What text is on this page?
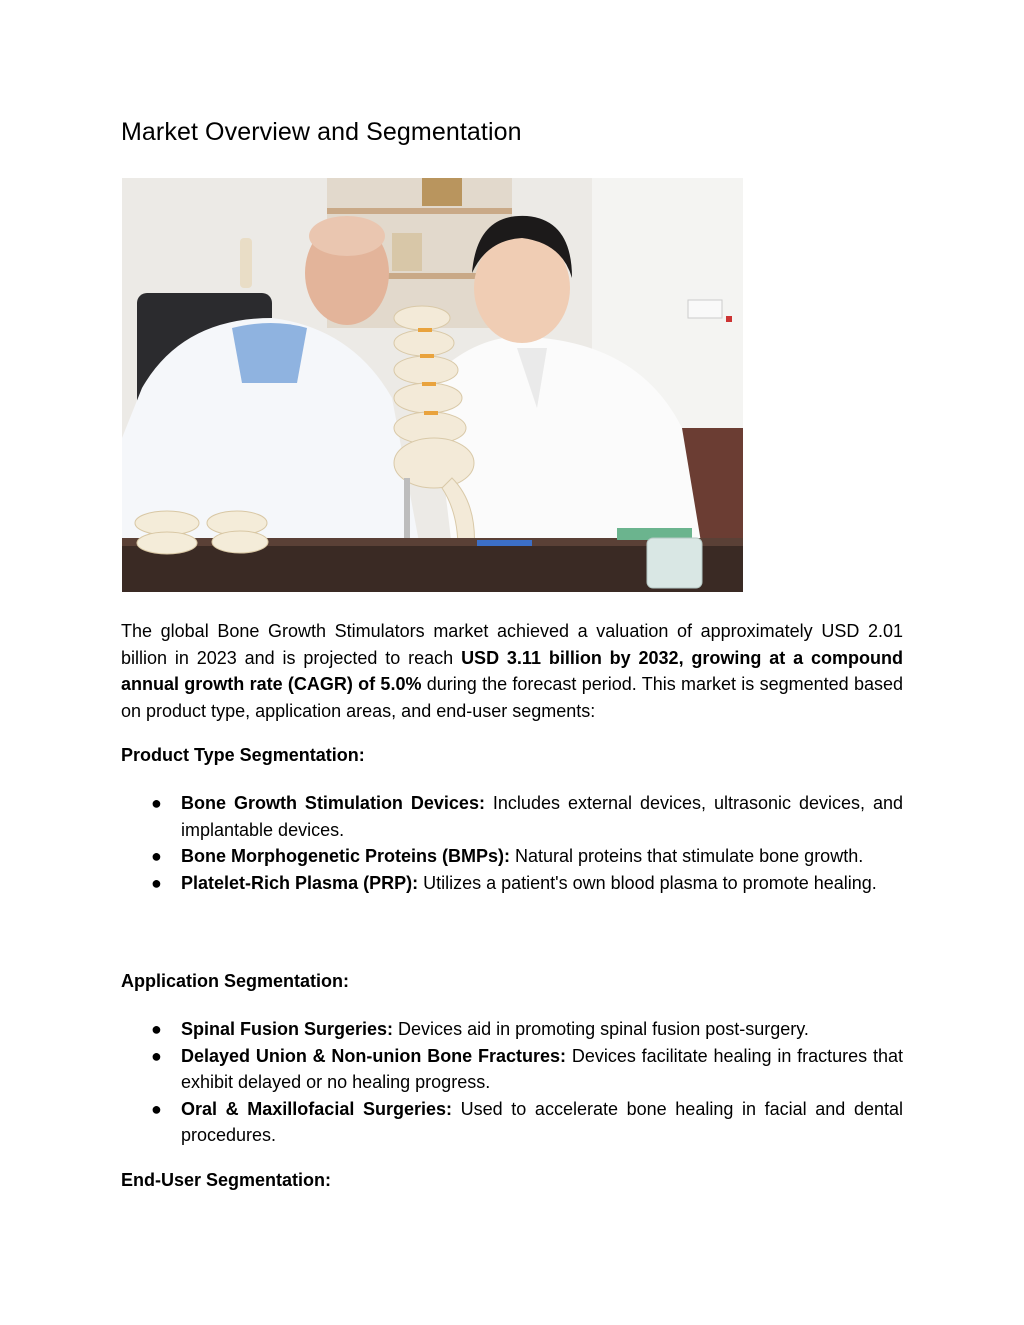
Market Overview and Segmentation

The global Bone Growth Stimulators market achieved a valuation of approximately USD 2.01 billion in 2023 and is projected to reach USD 3.11 billion by 2032, growing at a compound annual growth rate (CAGR) of 5.0% during the forecast period. This market is segmented based on product type, application areas, and end-user segments:

Product Type Segmentation:
● Bone Growth Stimulation Devices: Includes external devices, ultrasonic devices, and implantable devices.
● Bone Morphogenetic Proteins (BMPs): Natural proteins that stimulate bone growth.
● Platelet-Rich Plasma (PRP): Utilizes a patient's own blood plasma to promote healing.
Application Segmentation:
● Spinal Fusion Surgeries: Devices aid in promoting spinal fusion post-surgery.
● Delayed Union & Non-union Bone Fractures: Devices facilitate healing in fractures that exhibit delayed or no healing progress.
● Oral & Maxillofacial Surgeries: Used to accelerate bone healing in facial and dental procedures.
End-User Segmentation:
